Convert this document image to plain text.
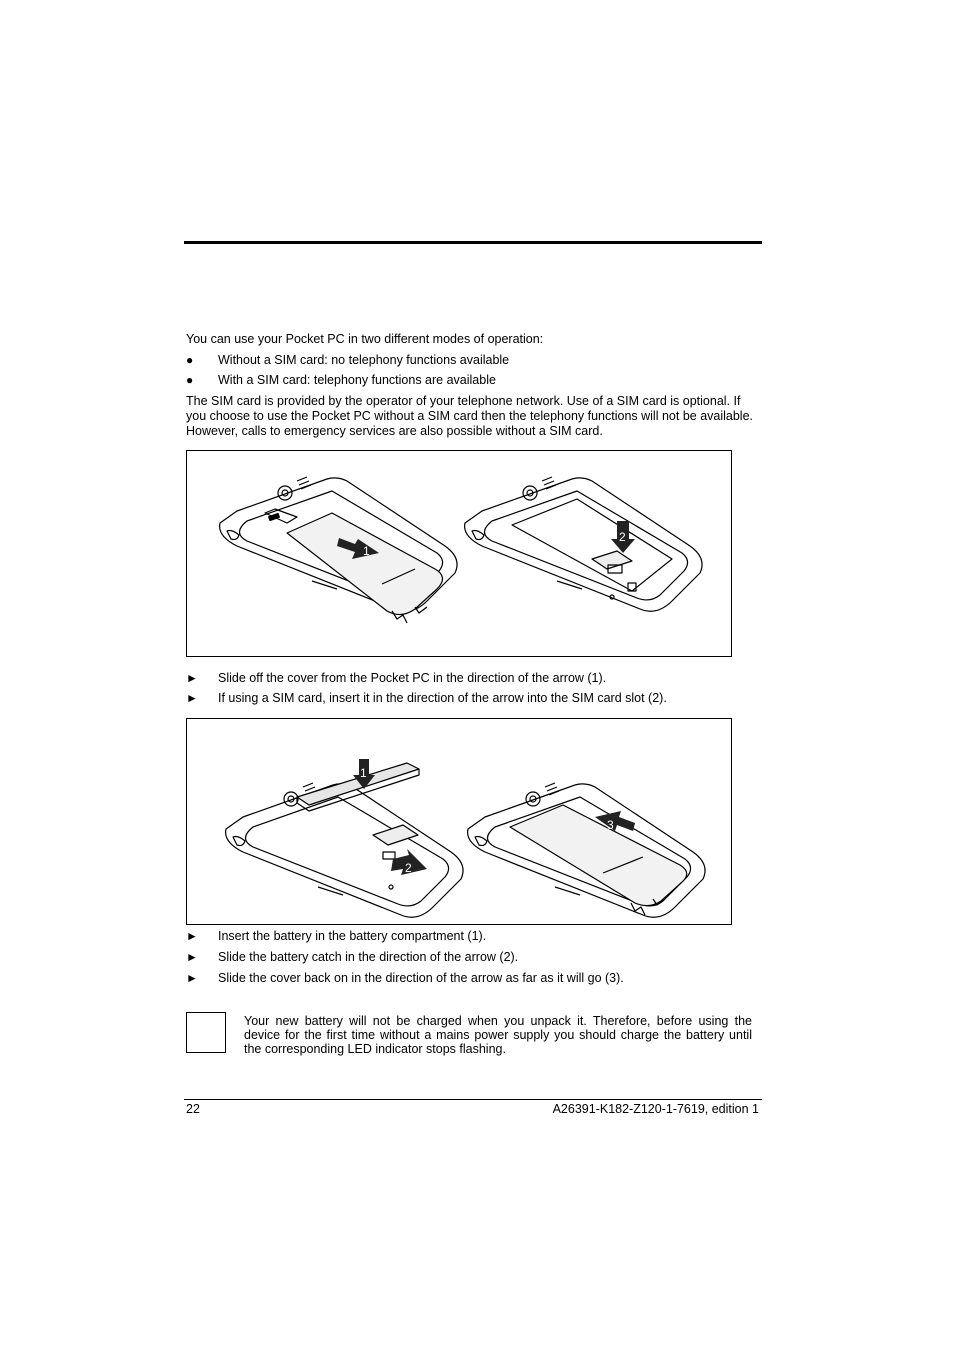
You can use your Pocket PC in two different modes of operation:

●	Without a SIM card: no telephony functions available
●	With a SIM card: telephony functions are available

The SIM card is provided by the operator of your telephone network. Use of a SIM card is optional. If you choose to use the Pocket PC without a SIM card then the telephony functions will not be available. However, calls to emergency services are also possible without a SIM card.

1
2
►	Slide off the cover from the Pocket PC in the direction of the arrow (1).
►	If using a SIM card, insert it in the direction of the arrow into the SIM card slot (2).
1
2
3
►	Insert the battery in the battery compartment (1).
►	Slide the battery catch in the direction of the arrow (2).
►	Slide the cover back on in the direction of the arrow as far as it will go (3).

Your new battery will not be charged when you unpack it. Therefore, before using the device for the first time without a mains power supply you should charge the battery until the corresponding LED indicator stops flashing.

22	A26391-K182-Z120-1-7619, edition 1
